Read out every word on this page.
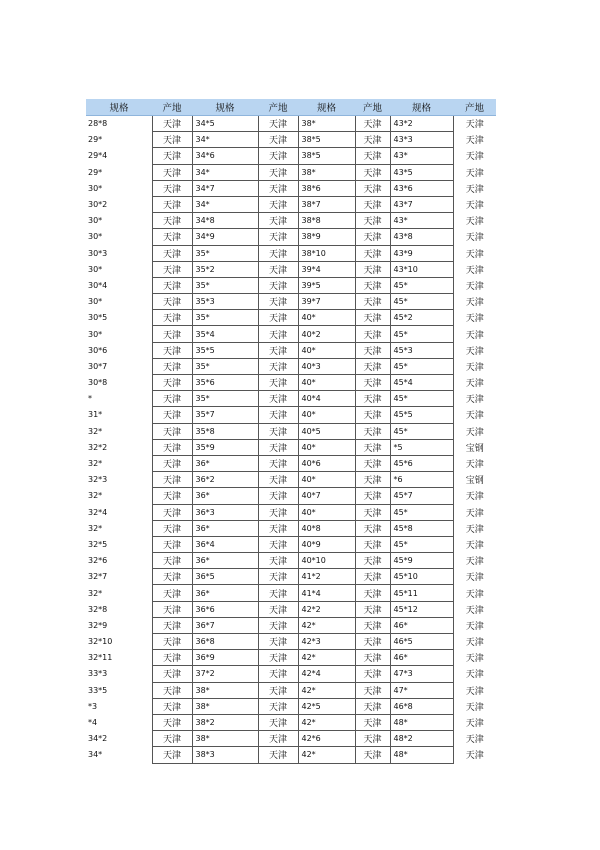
规格	产地	规格	产地	规格	产地	规格	产地
28*8	天津	34*5	天津	38*	天津	43*2	天津
29*	天津	34*	天津	38*5	天津	43*3	天津
29*4	天津	34*6	天津	38*5	天津	43*	天津
29*	天津	34*	天津	38*	天津	43*5	天津
30*	天津	34*7	天津	38*6	天津	43*6	天津
30*2	天津	34*	天津	38*7	天津	43*7	天津
30*	天津	34*8	天津	38*8	天津	43*	天津
30*	天津	34*9	天津	38*9	天津	43*8	天津
30*3	天津	35*	天津	38*10	天津	43*9	天津
30*	天津	35*2	天津	39*4	天津	43*10	天津
30*4	天津	35*	天津	39*5	天津	45*	天津
30*	天津	35*3	天津	39*7	天津	45*	天津
30*5	天津	35*	天津	40*	天津	45*2	天津
30*	天津	35*4	天津	40*2	天津	45*	天津
30*6	天津	35*5	天津	40*	天津	45*3	天津
30*7	天津	35*	天津	40*3	天津	45*	天津
30*8	天津	35*6	天津	40*	天津	45*4	天津
*	天津	35*	天津	40*4	天津	45*	天津
31*	天津	35*7	天津	40*	天津	45*5	天津
32*	天津	35*8	天津	40*5	天津	45*	天津
32*2	天津	35*9	天津	40*	天津	*5	宝钢
32*	天津	36*	天津	40*6	天津	45*6	天津
32*3	天津	36*2	天津	40*	天津	*6	宝钢
32*	天津	36*	天津	40*7	天津	45*7	天津
32*4	天津	36*3	天津	40*	天津	45*	天津
32*	天津	36*	天津	40*8	天津	45*8	天津
32*5	天津	36*4	天津	40*9	天津	45*	天津
32*6	天津	36*	天津	40*10	天津	45*9	天津
32*7	天津	36*5	天津	41*2	天津	45*10	天津
32*	天津	36*	天津	41*4	天津	45*11	天津
32*8	天津	36*6	天津	42*2	天津	45*12	天津
32*9	天津	36*7	天津	42*	天津	46*	天津
32*10	天津	36*8	天津	42*3	天津	46*5	天津
32*11	天津	36*9	天津	42*	天津	46*	天津
33*3	天津	37*2	天津	42*4	天津	47*3	天津
33*5	天津	38*	天津	42*	天津	47*	天津
*3	天津	38*	天津	42*5	天津	46*8	天津
*4	天津	38*2	天津	42*	天津	48*	天津
34*2	天津	38*	天津	42*6	天津	48*2	天津
34*	天津	38*3	天津	42*	天津	48*	天津
